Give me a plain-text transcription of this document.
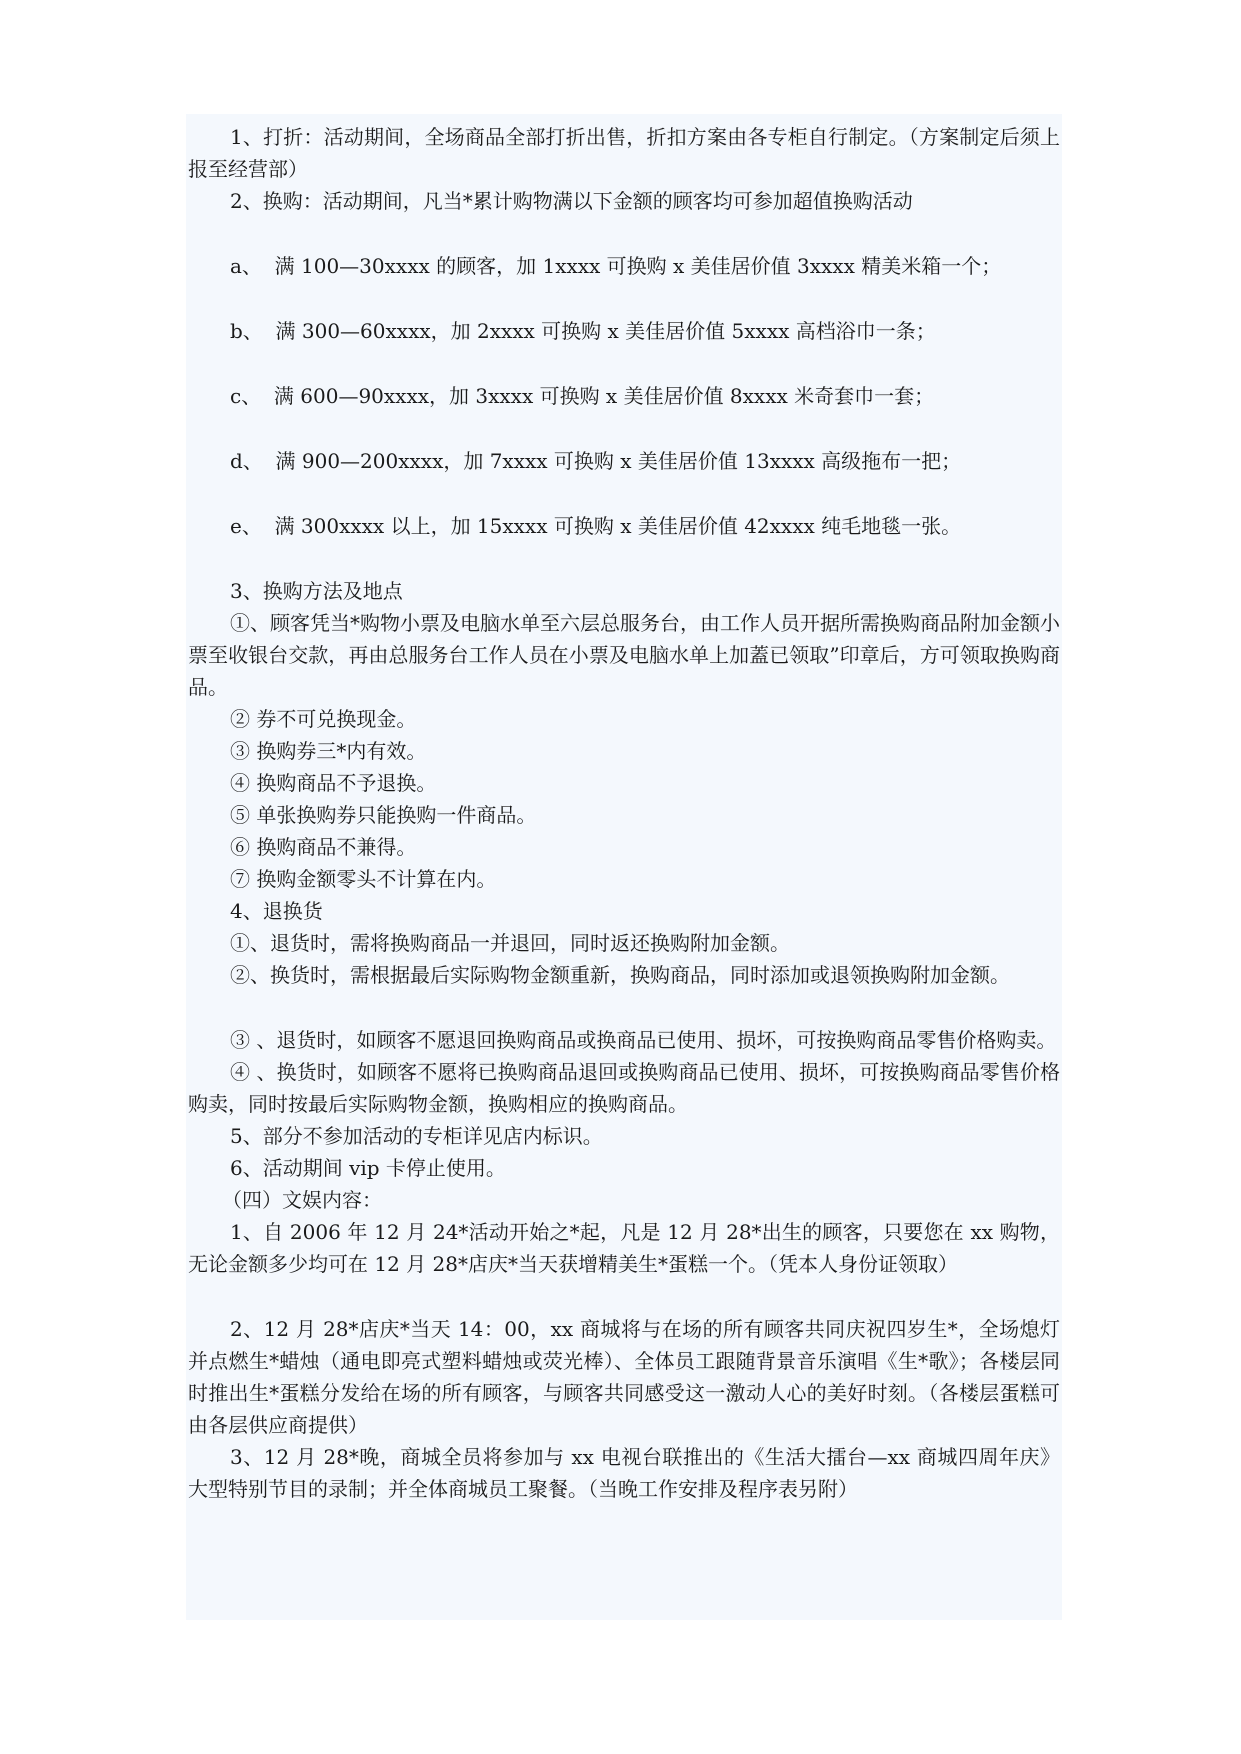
1、打折：活动期间，全场商品全部打折出售，折扣方案由各专柜自行制定。（方案制定后须上报至经营部）
2、换购：活动期间，凡当*累计购物满以下金额的顾客均可参加超值换购活动
a、 满 100—30xxxx 的顾客，加 1xxxx 可换购 x 美佳居价值 3xxxx 精美米箱一个；
b、 满 300—60xxxx，加 2xxxx 可换购 x 美佳居价值 5xxxx 高档浴巾一条；
c、 满 600—90xxxx，加 3xxxx 可换购 x 美佳居价值 8xxxx 米奇套巾一套；
d、 满 900—200xxxx，加 7xxxx 可换购 x 美佳居价值 13xxxx 高级拖布一把；
e、 满 300xxxx 以上，加 15xxxx 可换购 x 美佳居价值 42xxxx 纯毛地毯一张。
3、换购方法及地点
①、顾客凭当*购物小票及电脑水单至六层总服务台，由工作人员开据所需换购商品附加金额小票至收银台交款，再由总服务台工作人员在小票及电脑水单上加蓋已领取”印章后，方可领取换购商品。
② 券不可兑换现金。
③ 换购券三*内有效。
④ 换购商品不予退换。
⑤ 单张换购券只能换购一件商品。
⑥ 换购商品不兼得。
⑦ 换购金额零头不计算在内。
4、退换货
①、退货时，需将换购商品一并退回，同时返还换购附加金额。
②、换货时，需根据最后实际购物金额重新，换购商品，同时添加或退领换购附加金额。
③ 、退货时，如顾客不愿退回换购商品或换商品已使用、损坏，可按换购商品零售价格购卖。
④ 、换货时，如顾客不愿将已换购商品退回或换购商品已使用、损坏，可按换购商品零售价格购卖，同时按最后实际购物金额，换购相应的换购商品。
5、部分不参加活动的专柜详见店内标识。
6、活动期间 vip 卡停止使用。
（四）文娱内容：
1、自 2006 年 12 月 24*活动开始之*起，凡是 12 月 28*出生的顾客，只要您在 xx 购物，无论金额多少均可在 12 月 28*店庆*当天获增精美生*蛋糕一个。（凭本人身份证领取）
2、12 月 28*店庆*当天 14：00，xx 商城将与在场的所有顾客共同庆祝四岁生*，全场熄灯并点燃生*蜡烛（通电即亮式塑料蜡烛或荧光棒）、全体员工跟随背景音乐演唱《生*歌》；各楼层同时推出生*蛋糕分发给在场的所有顾客，与顾客共同感受这一激动人心的美好时刻。（各楼层蛋糕可由各层供应商提供）
3、12 月 28*晚，商城全员将参加与 xx 电视台联推出的《生活大擂台—xx 商城四周年庆》大型特别节目的录制；并全体商城员工聚餐。（当晚工作安排及程序表另附）
